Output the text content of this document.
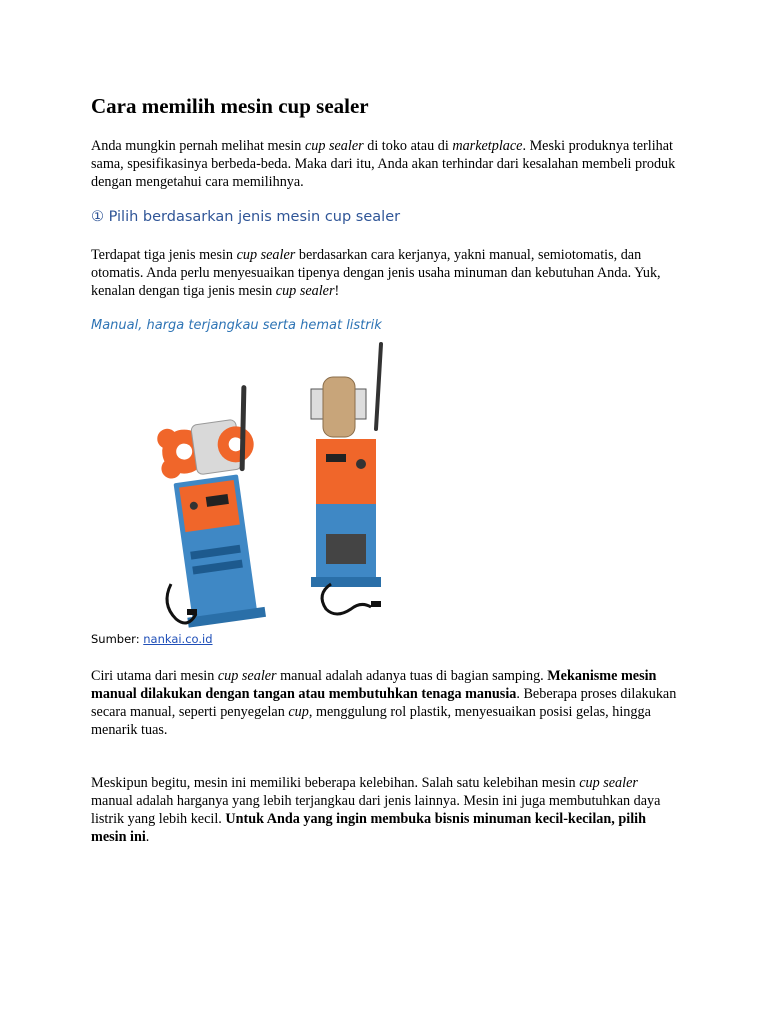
Cara memilih mesin cup sealer

Anda mungkin pernah melihat mesin cup sealer di toko atau di marketplace. Meski produknya terlihat sama, spesifikasinya berbeda-beda. Maka dari itu, Anda akan terhindar dari kesalahan membeli produk dengan mengetahui cara memilihnya.

① Pilih berdasarkan jenis mesin cup sealer

Terdapat tiga jenis mesin cup sealer berdasarkan cara kerjanya, yakni manual, semiotomatis, dan otomatis. Anda perlu menyesuaikan tipenya dengan jenis usaha minuman dan kebutuhan Anda. Yuk, kenalan dengan tiga jenis mesin cup sealer!

Manual, harga terjangkau serta hemat listrik
Sumber: nankai.co.id

Ciri utama dari mesin cup sealer manual adalah adanya tuas di bagian samping. Mekanisme mesin manual dilakukan dengan tangan atau membutuhkan tenaga manusia. Beberapa proses dilakukan secara manual, seperti penyegelan cup, menggulung rol plastik, menyesuaikan posisi gelas, hingga menarik tuas.

Meskipun begitu, mesin ini memiliki beberapa kelebihan. Salah satu kelebihan mesin cup sealer manual adalah harganya yang lebih terjangkau dari jenis lainnya. Mesin ini juga membutuhkan daya listrik yang lebih kecil. Untuk Anda yang ingin membuka bisnis minuman kecil-kecilan, pilih mesin ini.
